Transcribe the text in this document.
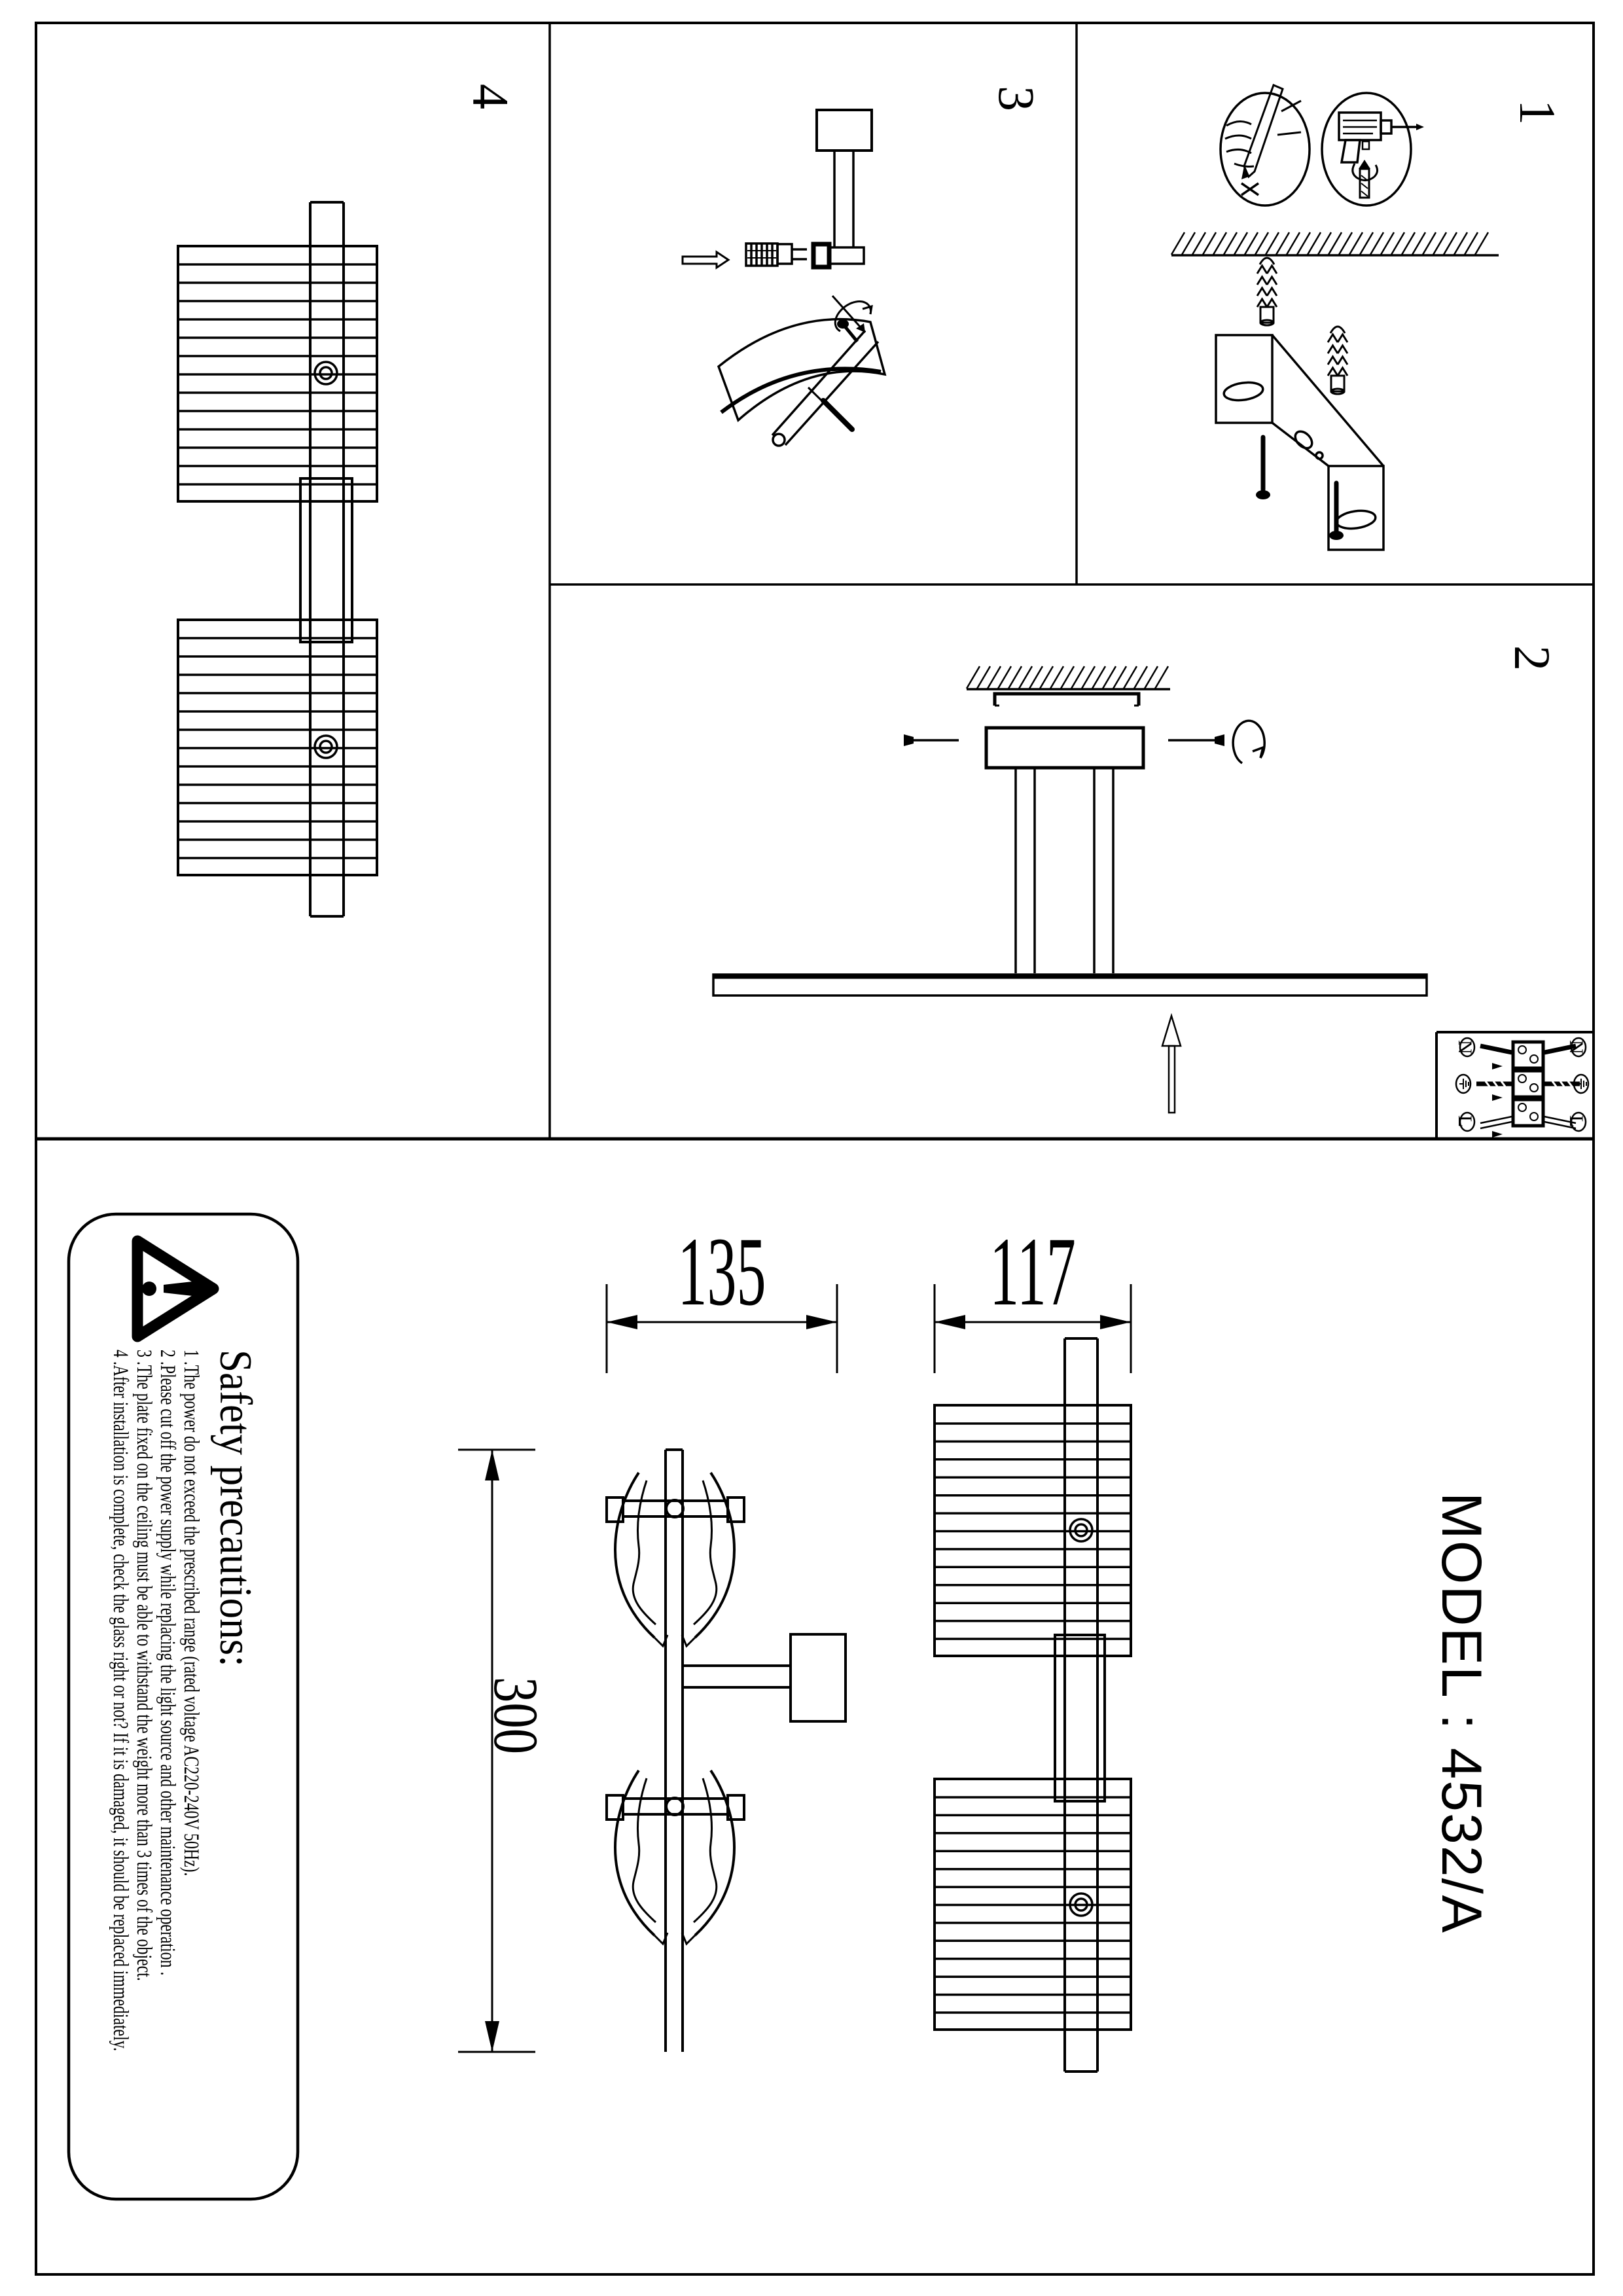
1
2
3
4
135 117
300	MODEL : 4532/A
Safety precautions:
1 .The power do not exceed the prescribed range (rated voltage AC220-240V 50Hz).
2 .Please cut off the power supply while replacing the light source and other maintenance operation .
3 .The plate fixed on the ceiling must be able to withstand the weight more than 3 times of the object.
4 .After installation is complete, check the glass right or not? If it is damaged, it should be replaced immediately.
N	N
L	L
